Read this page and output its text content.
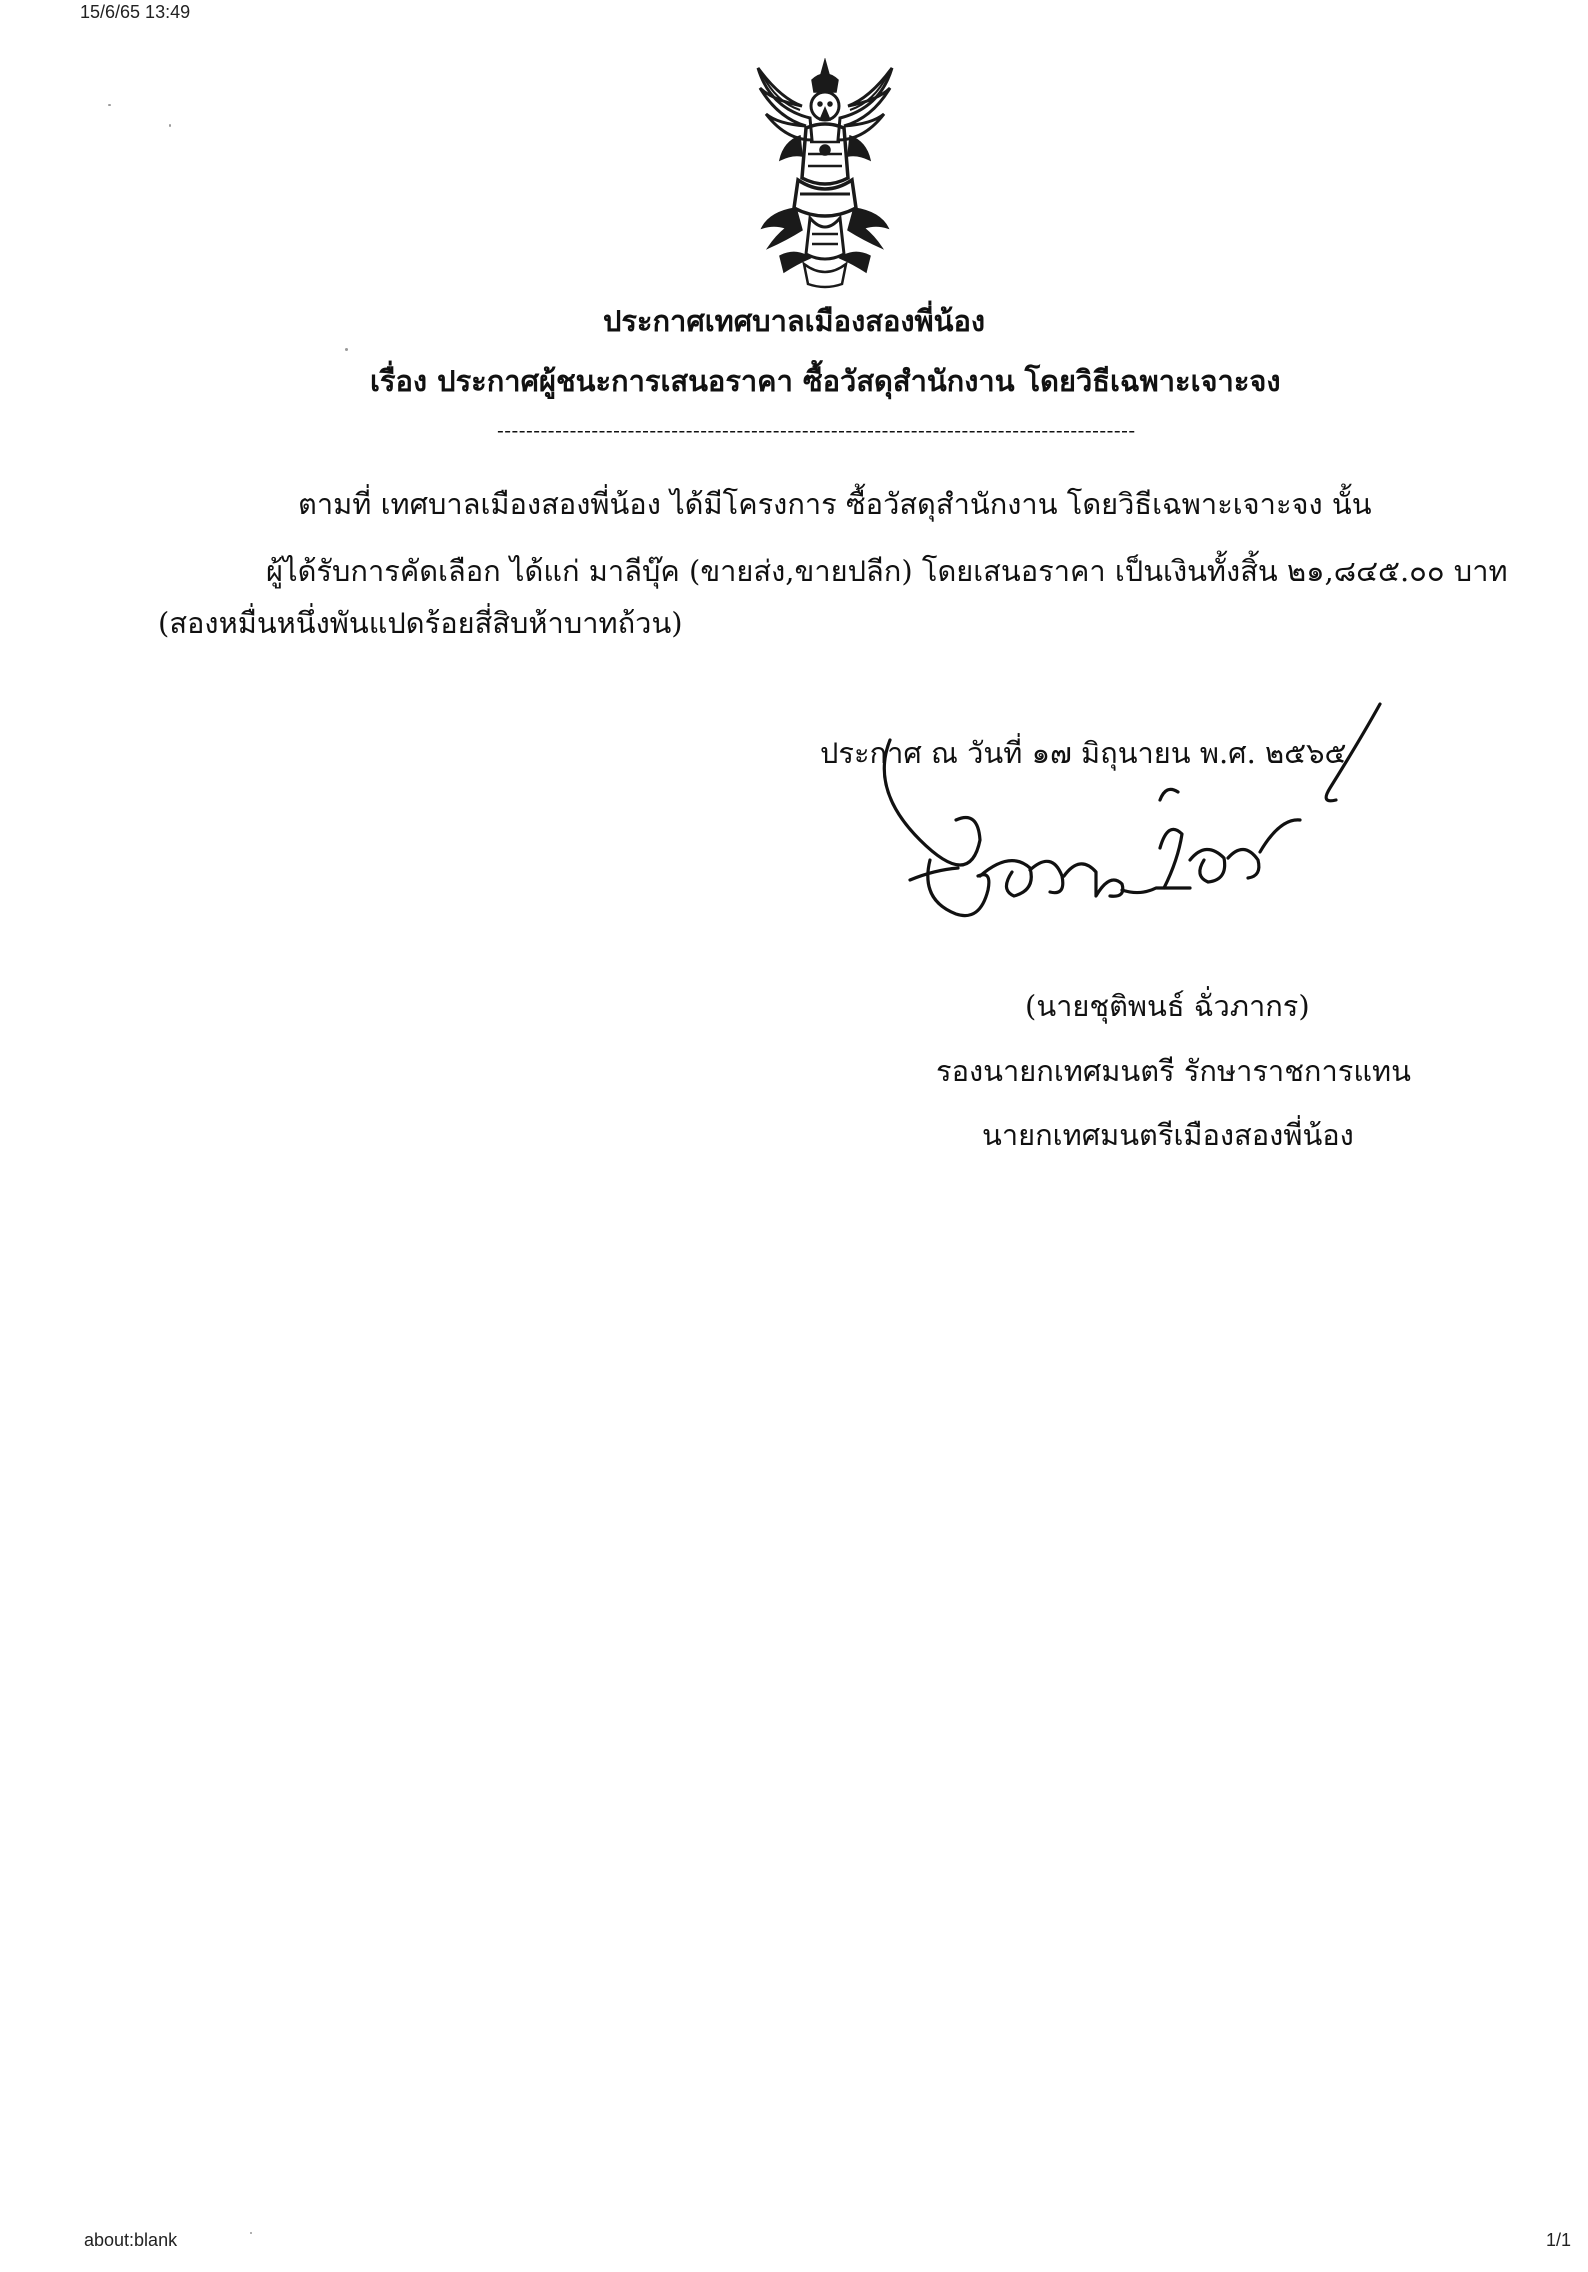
15/6/65 13:49
ประกาศเทศบาลเมืองสองพี่น้อง
เรื่อง ประกาศผู้ชนะการเสนอราคา ซื้อวัสดุสำนักงาน โดยวิธีเฉพาะเจาะจง
----------------------------------------------------------------------------------------
ตามที่ เทศบาลเมืองสองพี่น้อง ได้มีโครงการ ซื้อวัสดุสำนักงาน โดยวิธีเฉพาะเจาะจง นั้น
ผู้ได้รับการคัดเลือก ได้แก่ มาลีบุ๊ค (ขายส่ง,ขายปลีก) โดยเสนอราคา เป็นเงินทั้งสิ้น ๒๑,๘๔๕.๐๐ บาท
(สองหมื่นหนึ่งพันแปดร้อยสี่สิบห้าบาทถ้วน)
ประกาศ ณ วันที่ ๑๗ มิถุนายน พ.ศ. ๒๕๖๕
(นายชุติพนธ์ ฉั่วภากร)
รองนายกเทศมนตรี รักษาราชการแทน
นายกเทศมนตรีเมืองสองพี่น้อง
about:blank	1/1
